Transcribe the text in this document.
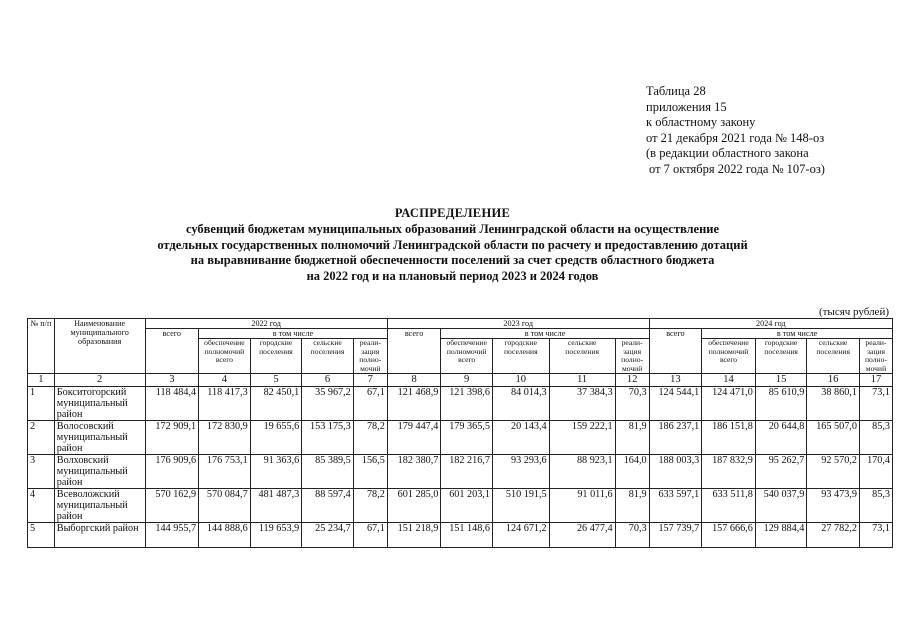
Таблица 28
приложения 15
к областному закону
от 21 декабря 2021 года № 148-оз
(в редакции областного закона
от 7 октября 2022 года № 107-оз)
РАСПРЕДЕЛЕНИЕ
субвенций бюджетам муниципальных образований Ленинградской области на осуществление
отдельных государственных полномочий Ленинградской области по расчету и предоставлению дотаций
на выравнивание бюджетной обеспеченности поселений за счет средств областного бюджета
на 2022 год и на плановый период 2023 и 2024 годов
(тысяч рублей)
№ п/п	Наименование муниципального образования	2022 год					2023 год					2024 год				
		всего	в том числе				всего	в том числе				всего	в том числе			
			обеспечение полномочий всего	городские поселения	сельские поселения	реали-зация полно-мочий		обеспечение полномочий всего	городские поселения	сельские поселения	реали-зация полно-мочий		обеспечение полномочий всего	городские поселения	сельские поселения	реали-зация полно-мочий
1	2	3	4	5	6	7	8	9	10	11	12	13	14	15	16	17
1	Бокситогорский муниципальный район	118 484,4	118 417,3	82 450,1	35 967,2	67,1	121 468,9	121 398,6	84 014,3	37 384,3	70,3	124 544,1	124 471,0	85 610,9	38 860,1	73,1
2	Волосовский муниципальный район	172 909,1	172 830,9	19 655,6	153 175,3	78,2	179 447,4	179 365,5	20 143,4	159 222,1	81,9	186 237,1	186 151,8	20 644,8	165 507,0	85,3
3	Волховский муниципальный район	176 909,6	176 753,1	91 363,6	85 389,5	156,5	182 380,7	182 216,7	93 293,6	88 923,1	164,0	188 003,3	187 832,9	95 262,7	92 570,2	170,4
4	Всеволожский муниципальный район	570 162,9	570 084,7	481 487,3	88 597,4	78,2	601 285,0	601 203,1	510 191,5	91 011,6	81,9	633 597,1	633 511,8	540 037,9	93 473,9	85,3
5	Выборгский район	144 955,7	144 888,6	119 653,9	25 234,7	67,1	151 218,9	151 148,6	124 671,2	26 477,4	70,3	157 739,7	157 666,6	129 884,4	27 782,2	73,1
